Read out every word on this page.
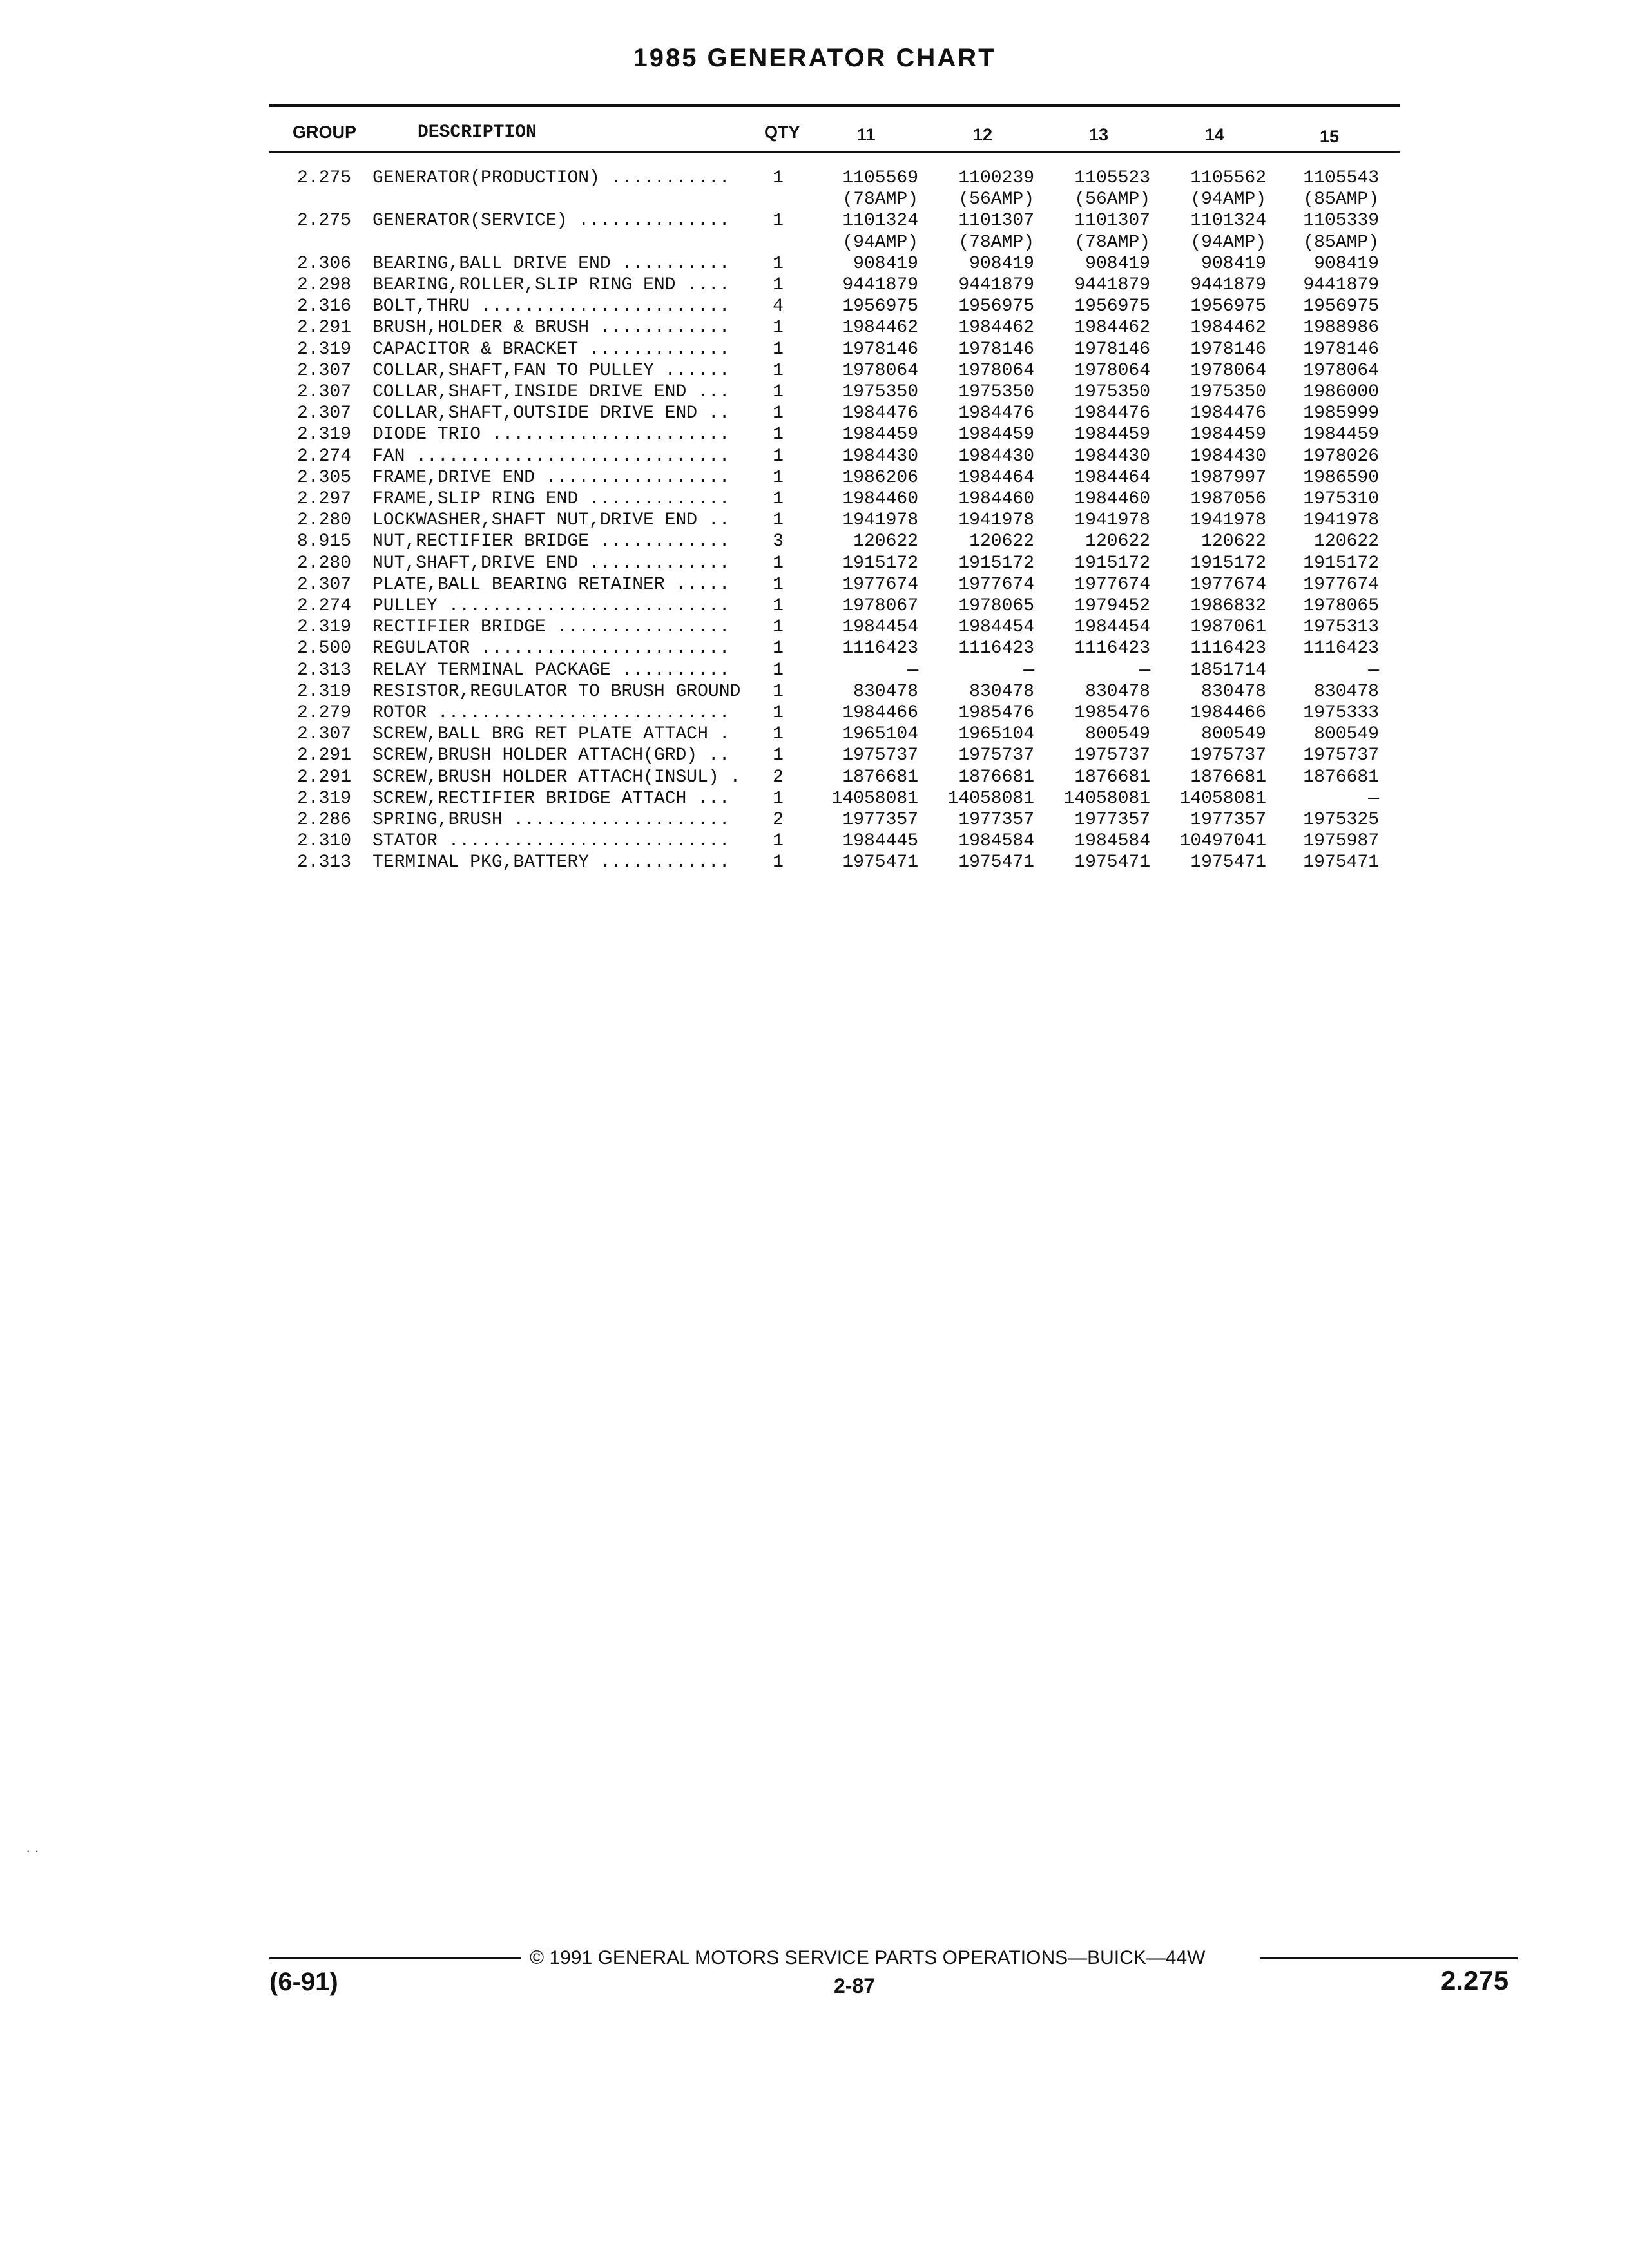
1985 GENERATOR CHART
GROUP	DESCRIPTION	QTY	11	12	13	14	15
2.275 GENERATOR(PRODUCTION) ...........	1	1105569	1100239	1105523	1105562	1105543
(78AMP)	(56AMP)	(56AMP)	(94AMP)	(85AMP)
2.275 GENERATOR(SERVICE) ..............	1	1101324	1101307	1101307	1101324	1105339
(94AMP)	(78AMP)	(78AMP)	(94AMP)	(85AMP)
2.306 BEARING,BALL DRIVE END ..........	1	908419	908419	908419	908419	908419
2.298 BEARING,ROLLER,SLIP RING END ....	1	9441879	9441879	9441879	9441879	9441879
2.316 BOLT,THRU .......................	4	1956975	1956975	1956975	1956975	1956975
2.291 BRUSH,HOLDER & BRUSH ............	1	1984462	1984462	1984462	1984462	1988986
2.319 CAPACITOR & BRACKET .............	1	1978146	1978146	1978146	1978146	1978146
2.307 COLLAR,SHAFT,FAN TO PULLEY ......	1	1978064	1978064	1978064	1978064	1978064
2.307 COLLAR,SHAFT,INSIDE DRIVE END ...	1	1975350	1975350	1975350	1975350	1986000
2.307 COLLAR,SHAFT,OUTSIDE DRIVE END ..	1	1984476	1984476	1984476	1984476	1985999
2.319 DIODE TRIO ......................	1	1984459	1984459	1984459	1984459	1984459
2.274 FAN .............................	1	1984430	1984430	1984430	1984430	1978026
2.305 FRAME,DRIVE END .................	1	1986206	1984464	1984464	1987997	1986590
2.297 FRAME,SLIP RING END .............	1	1984460	1984460	1984460	1987056	1975310
2.280 LOCKWASHER,SHAFT NUT,DRIVE END ..	1	1941978	1941978	1941978	1941978	1941978
8.915 NUT,RECTIFIER BRIDGE ............	3	120622	120622	120622	120622	120622
2.280 NUT,SHAFT,DRIVE END .............	1	1915172	1915172	1915172	1915172	1915172
2.307 PLATE,BALL BEARING RETAINER .....	1	1977674	1977674	1977674	1977674	1977674
2.274 PULLEY ..........................	1	1978067	1978065	1979452	1986832	1978065
2.319 RECTIFIER BRIDGE ................	1	1984454	1984454	1984454	1987061	1975313
2.500 REGULATOR .......................	1	1116423	1116423	1116423	1116423	1116423
2.313 RELAY TERMINAL PACKAGE ..........	1	—	—	—	1851714	—
2.319 RESISTOR,REGULATOR TO BRUSH GROUND	1	830478	830478	830478	830478	830478
2.279 ROTOR ...........................	1	1984466	1985476	1985476	1984466	1975333
2.307 SCREW,BALL BRG RET PLATE ATTACH .	1	1965104	1965104	800549	800549	800549
2.291 SCREW,BRUSH HOLDER ATTACH(GRD) ..	1	1975737	1975737	1975737	1975737	1975737
2.291 SCREW,BRUSH HOLDER ATTACH(INSUL) .	2	1876681	1876681	1876681	1876681	1876681
2.319 SCREW,RECTIFIER BRIDGE ATTACH ...	1	14058081	14058081	14058081	14058081	—
2.286 SPRING,BRUSH ....................	2	1977357	1977357	1977357	1977357	1975325
2.310 STATOR ..........................	1	1984445	1984584	1984584	10497041	1975987
2.313 TERMINAL PKG,BATTERY ............	1	1975471	1975471	1975471	1975471	1975471
© 1991 GENERAL MOTORS SERVICE PARTS OPERATIONS—BUICK—44W
2-87
(6-91)	2.275
· ·
